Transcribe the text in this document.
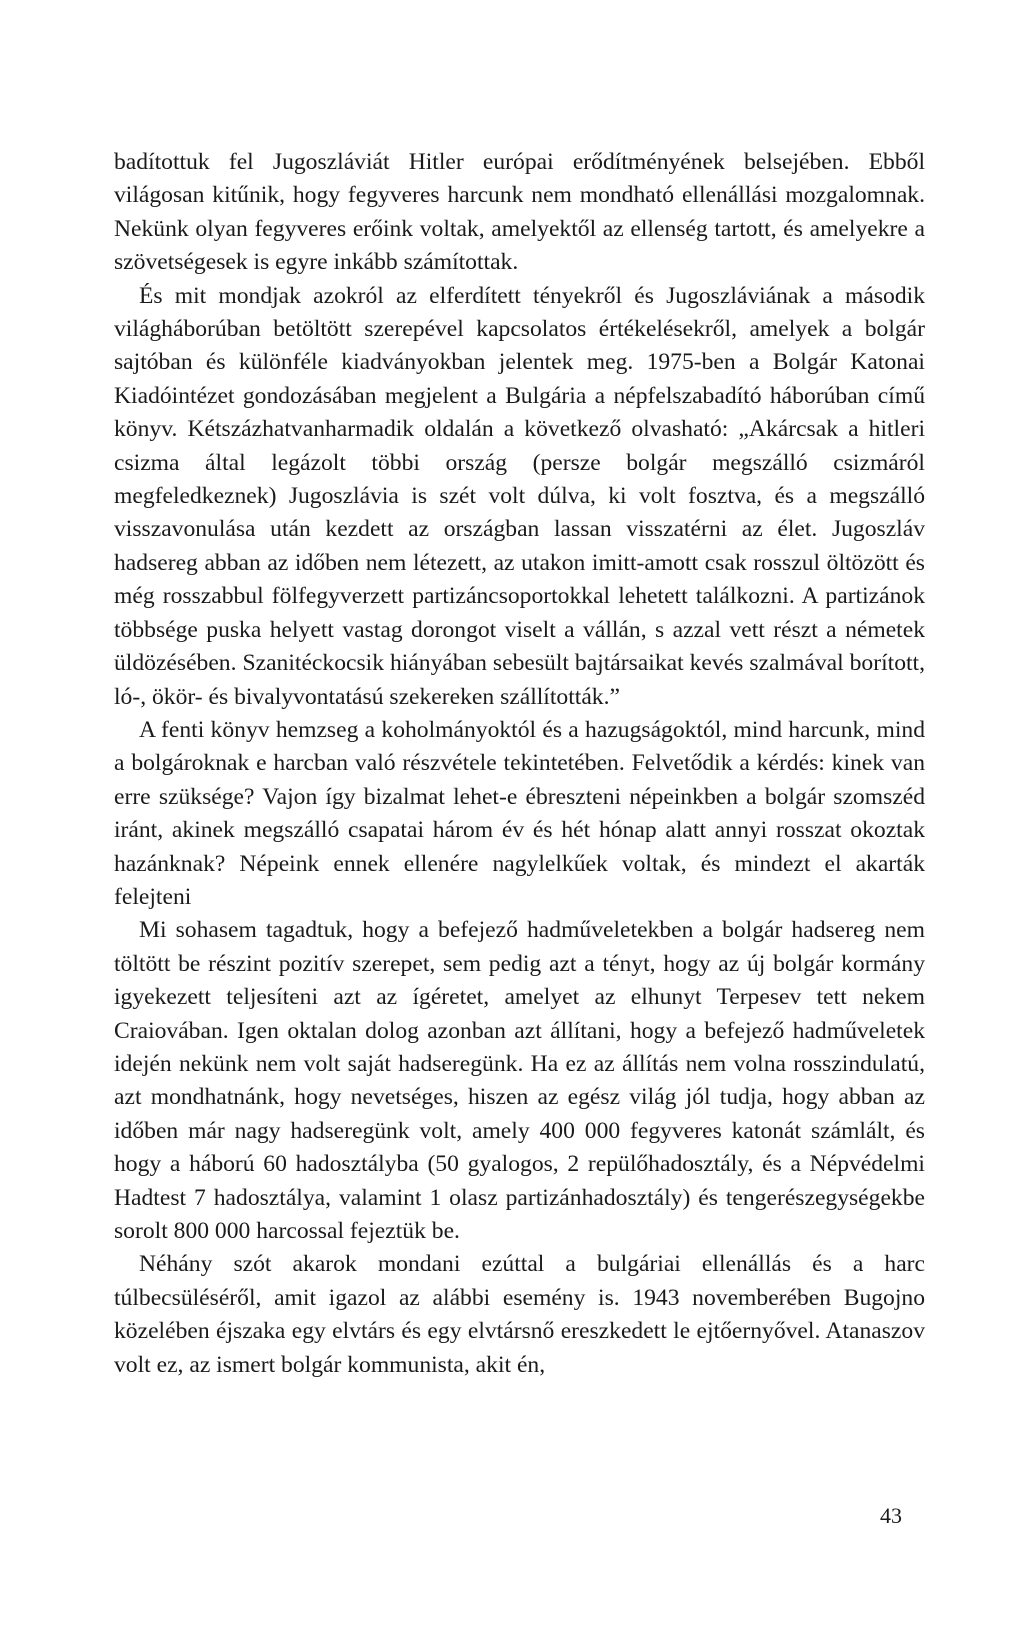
badítottuk fel Jugoszláviát Hitler európai erődítményének belsejében. Ebből világosan kitűnik, hogy fegyveres harcunk nem mondható ellenállási mozgalomnak. Nekünk olyan fegyveres erőink voltak, amelyektől az ellenség tartott, és amelyekre a szövetségesek is egyre inkább számítottak.

És mit mondjak azokról az elferdített tényekről és Jugoszláviának a második világháborúban betöltött szerepével kapcsolatos értékelésekről, amelyek a bolgár sajtóban és különféle kiadványokban jelentek meg. 1975-ben a Bolgár Katonai Kiadóintézet gondozásában megjelent a Bulgária a népfelszabadító háborúban című könyv. Kétszázhatvanharmadik oldalán a következő olvasható: „Akárcsak a hitleri csizma által legázolt többi ország (persze bolgár megszálló csizmáról megfeledkeznek) Jugoszlávia is szét volt dúlva, ki volt fosztva, és a megszálló visszavonulása után kezdett az országban lassan visszatérni az élet. Jugoszláv hadsereg abban az időben nem létezett, az utakon imitt-amott csak rosszul öltözött és még rosszabbul fölfegyverzett partizáncsoportokkal lehetett találkozni. A partizánok többsége puska helyett vastag dorongot viselt a vállán, s azzal vett részt a németek üldözésében. Szanitéckocsik hiányában sebesült bajtársaikat kevés szalmával borított, ló-, ökör- és bivalyvontatású szekereken szállították.”

A fenti könyv hemzseg a koholmányoktól és a hazugságoktól, mind harcunk, mind a bolgároknak e harcban való részvétele tekintetében. Felvetődik a kérdés: kinek van erre szüksége? Vajon így bizalmat lehet-e ébreszteni népeinkben a bolgár szomszéd iránt, akinek megszálló csapatai három év és hét hónap alatt annyi rosszat okoztak hazánknak? Népeink ennek ellenére nagylelkűek voltak, és mindezt el akarták felejteni

Mi sohasem tagadtuk, hogy a befejező hadműveletekben a bolgár hadsereg nem töltött be részint pozitív szerepet, sem pedig azt a tényt, hogy az új bolgár kormány igyekezett teljesíteni azt az ígéretet, amelyet az elhunyt Terpesev tett nekem Craiovában. Igen oktalan dolog azonban azt állítani, hogy a befejező hadműveletek idején nekünk nem volt saját hadseregünk. Ha ez az állítás nem volna rosszindulatú, azt mondhatnánk, hogy nevetséges, hiszen az egész világ jól tudja, hogy abban az időben már nagy hadseregünk volt, amely 400 000 fegyveres katonát számlált, és hogy a háború 60 hadosztályba (50 gyalogos, 2 repülőhadosztály, és a Népvédelmi Hadtest 7 hadosztálya, valamint 1 olasz partizánhadosztály) és tengerészegységekbe sorolt 800 000 harcossal fejeztük be.

Néhány szót akarok mondani ezúttal a bulgáriai ellenállás és a harc túlbecsüléséről, amit igazol az alábbi esemény is. 1943 novemberében Bugojno közelében éjszaka egy elvtárs és egy elvtársnő ereszkedett le ejtőernyővel. Atanaszov volt ez, az ismert bolgár kommunista, akit én,

43
